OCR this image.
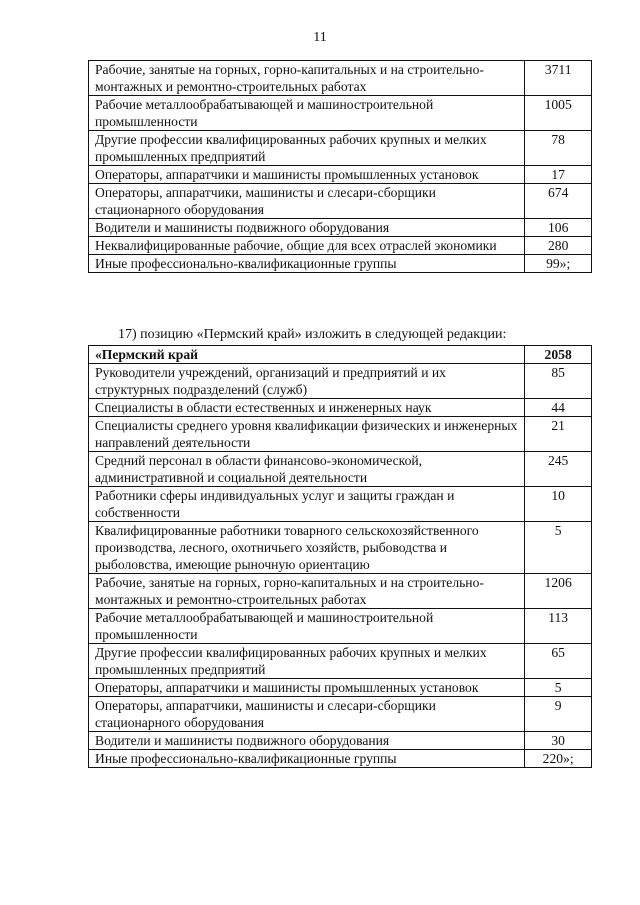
11
Рабочие, занятые на горных, горно-капитальных и на строительно-монтажных и ремонтно-строительных работах	3711
Рабочие металлообрабатывающей и машиностроительной промышленности	1005
Другие профессии квалифицированных рабочих крупных и мелких промышленных предприятий	78
Операторы, аппаратчики и машинисты промышленных установок	17
Операторы, аппаратчики, машинисты и слесари-сборщики стационарного оборудования	674
Водители и машинисты подвижного оборудования	106
Неквалифицированные рабочие, общие для всех отраслей экономики	280
Иные профессионально-квалификационные группы	99»;
17) позицию «Пермский край» изложить в следующей редакции:
«Пермский край	2058
Руководители учреждений, организаций и предприятий и их структурных подразделений (служб)	85
Специалисты в области естественных и инженерных наук	44
Специалисты среднего уровня квалификации физических и инженерных направлений деятельности	21
Средний персонал в области финансово-экономической, административной и социальной деятельности	245
Работники сферы индивидуальных услуг и защиты граждан и собственности	10
Квалифицированные работники товарного сельскохозяйственного производства, лесного, охотничьего хозяйств, рыбоводства и рыболовства, имеющие рыночную ориентацию	5
Рабочие, занятые на горных, горно-капитальных и на строительно-монтажных и ремонтно-строительных работах	1206
Рабочие металлообрабатывающей и машиностроительной промышленности	113
Другие профессии квалифицированных рабочих крупных и мелких промышленных предприятий	65
Операторы, аппаратчики и машинисты промышленных установок	5
Операторы, аппаратчики, машинисты и слесари-сборщики стационарного оборудования	9
Водители и машинисты подвижного оборудования	30
Иные профессионально-квалификационные группы	220»;
